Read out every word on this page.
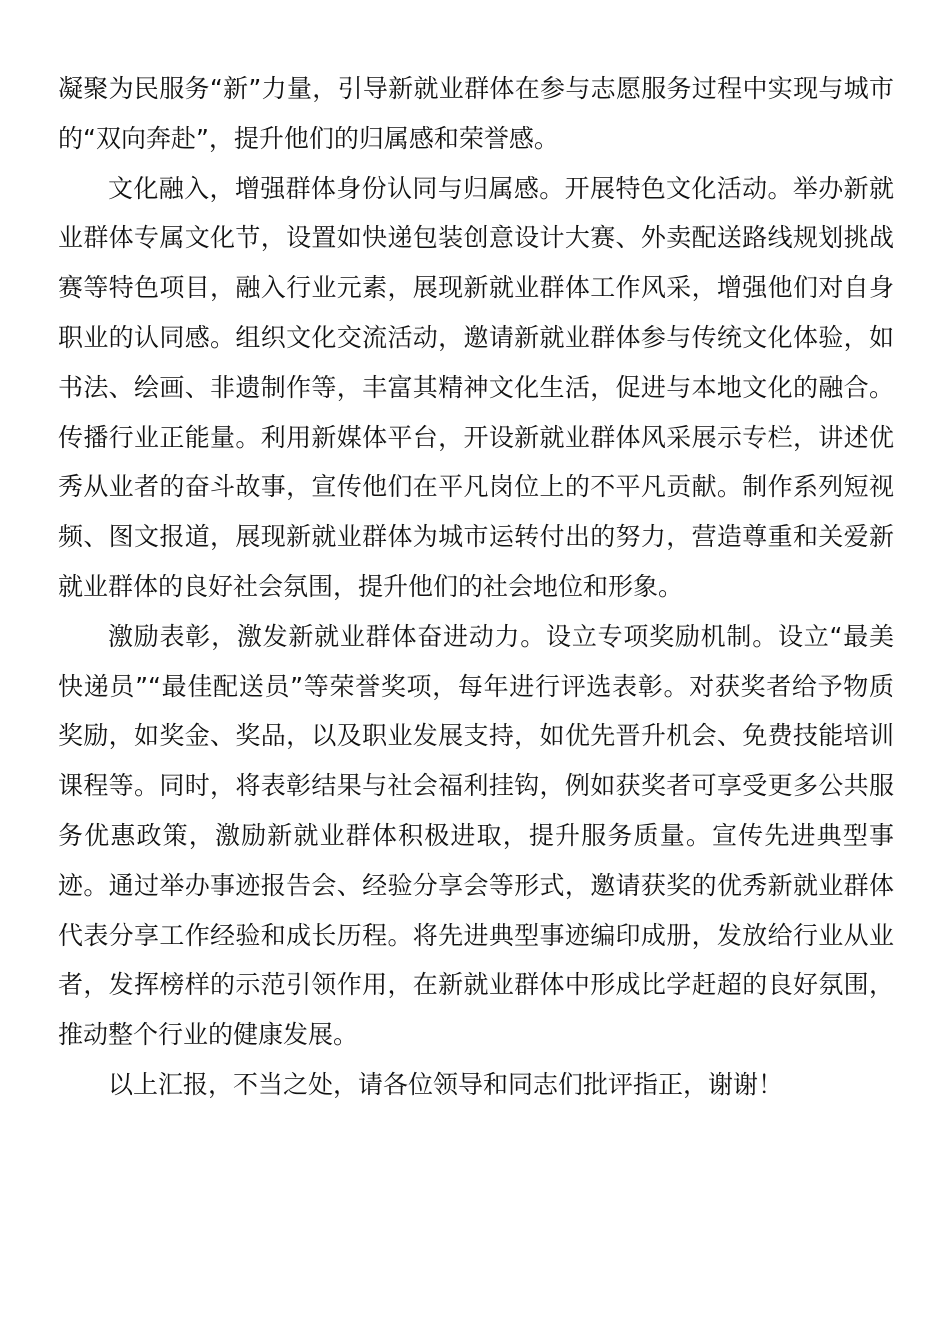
凝聚为民服务“新”力量，引导新就业群体在参与志愿服务过程中实现与城市的“双向奔赴”，提升他们的归属感和荣誉感。

文化融入，增强群体身份认同与归属感。开展特色文化活动。举办新就业群体专属文化节，设置如快递包装创意设计大赛、外卖配送路线规划挑战赛等特色项目，融入行业元素，展现新就业群体工作风采，增强他们对自身职业的认同感。组织文化交流活动，邀请新就业群体参与传统文化体验，如书法、绘画、非遗制作等，丰富其精神文化生活，促进与本地文化的融合。传播行业正能量。利用新媒体平台，开设新就业群体风采展示专栏，讲述优秀从业者的奋斗故事，宣传他们在平凡岗位上的不平凡贡献。制作系列短视频、图文报道，展现新就业群体为城市运转付出的努力，营造尊重和关爱新就业群体的良好社会氛围，提升他们的社会地位和形象。

激励表彰，激发新就业群体奋进动力。设立专项奖励机制。设立“最美快递员”“最佳配送员”等荣誉奖项，每年进行评选表彰。对获奖者给予物质奖励，如奖金、奖品，以及职业发展支持，如优先晋升机会、免费技能培训课程等。同时，将表彰结果与社会福利挂钩，例如获奖者可享受更多公共服务优惠政策，激励新就业群体积极进取，提升服务质量。宣传先进典型事迹。通过举办事迹报告会、经验分享会等形式，邀请获奖的优秀新就业群体代表分享工作经验和成长历程。将先进典型事迹编印成册，发放给行业从业者，发挥榜样的示范引领作用，在新就业群体中形成比学赶超的良好氛围，推动整个行业的健康发展。

以上汇报，不当之处，请各位领导和同志们批评指正，谢谢！
